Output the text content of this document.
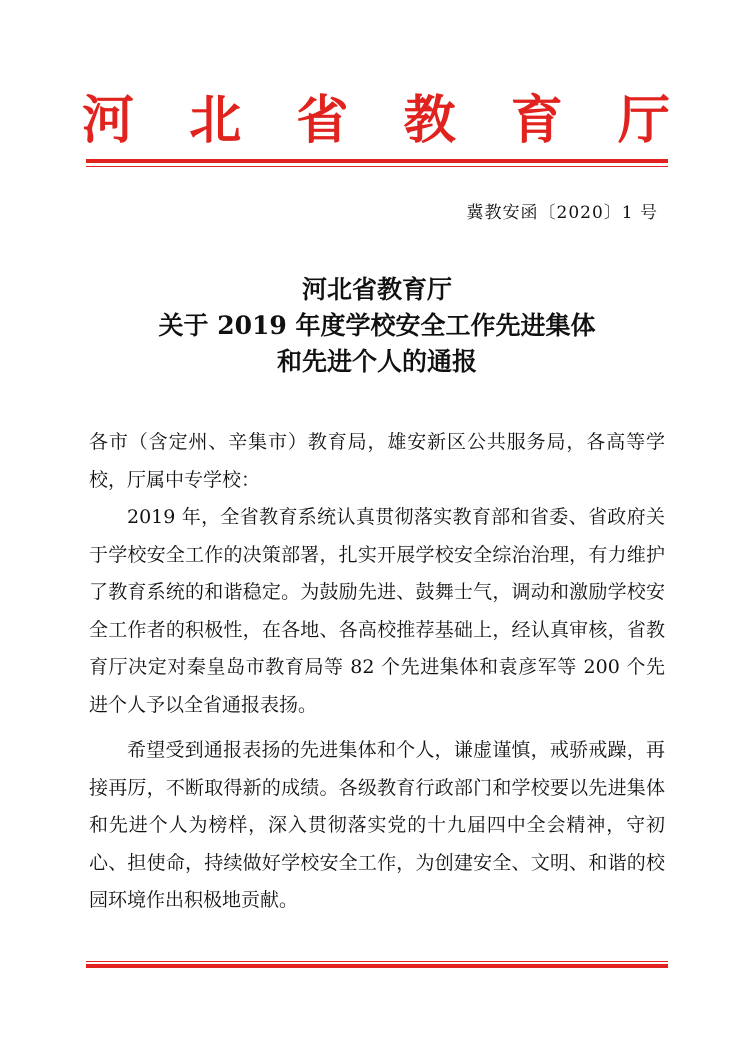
河 北 省 教 育 厅
冀教安函〔2020〕1 号
河北省教育厅
关于 2019 年度学校安全工作先进集体
和先进个人的通报

各市（含定州、辛集市）教育局，雄安新区公共服务局，各高等学校，厅属中专学校：

2019 年，全省教育系统认真贯彻落实教育部和省委、省政府关于学校安全工作的决策部署，扎实开展学校安全综治治理，有力维护了教育系统的和谐稳定。为鼓励先进、鼓舞士气，调动和激励学校安全工作者的积极性，在各地、各高校推荐基础上，经认真审核，省教育厅决定对秦皇岛市教育局等 82 个先进集体和袁彦军等 200 个先进个人予以全省通报表扬。

希望受到通报表扬的先进集体和个人，谦虚谨慎，戒骄戒躁，再接再厉，不断取得新的成绩。各级教育行政部门和学校要以先进集体和先进个人为榜样，深入贯彻落实党的十九届四中全会精神，守初心、担使命，持续做好学校安全工作，为创建安全、文明、和谐的校园环境作出积极地贡献。
